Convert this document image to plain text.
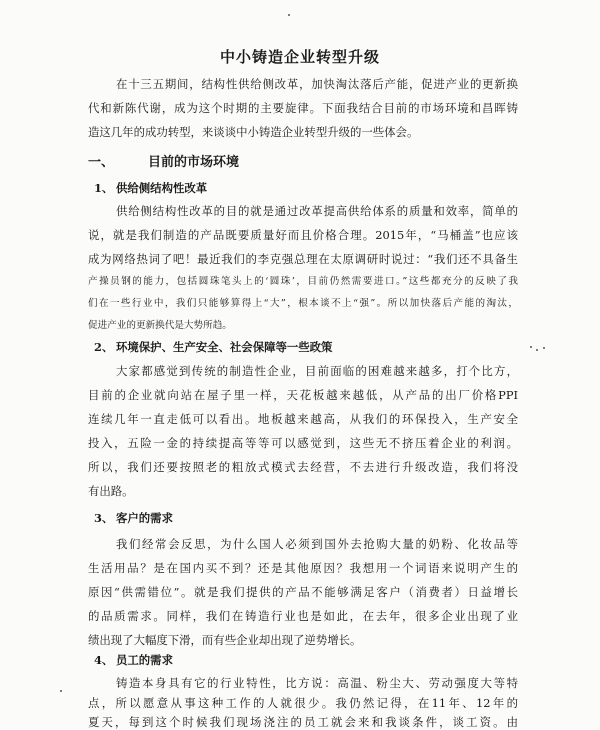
中小铸造企业转型升级
在十三五期间，结构性供给侧改革，加快淘汰落后产能，促进产业的更新换
代和新陈代谢，成为这个时期的主要旋律。下面我结合目前的市场环境和昌晖铸
造这几年的成功转型，来谈谈中小铸造企业转型升级的一些体会。
一、	目前的市场环境
1、 供给侧结构性改革
供给侧结构性改革的目的就是通过改革提高供给体系的质量和效率，简单的
说，就是我们制造的产品既要质量好而且价格合理。2015年，“马桶盖”也应该
成为网络热词了吧！最近我们的李克强总理在太原调研时说过：“我们还不具备生
产操员钢的能力，包括圆珠笔头上的‘圆珠’，目前仍然需要进口。”这些都充分的反映了我
们在一些行业中，我们只能够算得上“大”，根本谈不上“强”。所以加快落后产能的淘汰，
促进产业的更新换代是大势所趋。
2、 环境保护、生产安全、社会保障等一些政策
大家都感觉到传统的制造性企业，目前面临的困难越来越多，打个比方，
目前的企业就向站在屋子里一样，天花板越来越低，从产品的出厂价格PPI
连续几年一直走低可以看出。地板越来越高，从我们的环保投入，生产安全
投入，五险一金的持续提高等等可以感觉到，这些无不挤压着企业的利润。
所以，我们还要按照老的粗放式模式去经营，不去进行升级改造，我们将没
有出路。
3、 客户的需求
我们经常会反思，为什么国人必须到国外去抢购大量的奶粉、化妆品等
生活用品？是在国内买不到？还是其他原因？我想用一个词语来说明产生的
原因“供需错位”。就是我们提供的产品不能够满足客户（消费者）日益增长
的品质需求。同样，我们在铸造行业也是如此，在去年，很多企业出现了业
绩出现了大幅度下滑，而有些企业却出现了逆势增长。
4、 员工的需求
铸造本身具有它的行业特性，比方说：高温、粉尘大、劳动强度大等特
点，所以愿意从事这种工作的人就很少。我仍然记得，在11年、12年的
夏天，每到这个时候我们现场浇注的员工就会来和我谈条件，谈工资。由
